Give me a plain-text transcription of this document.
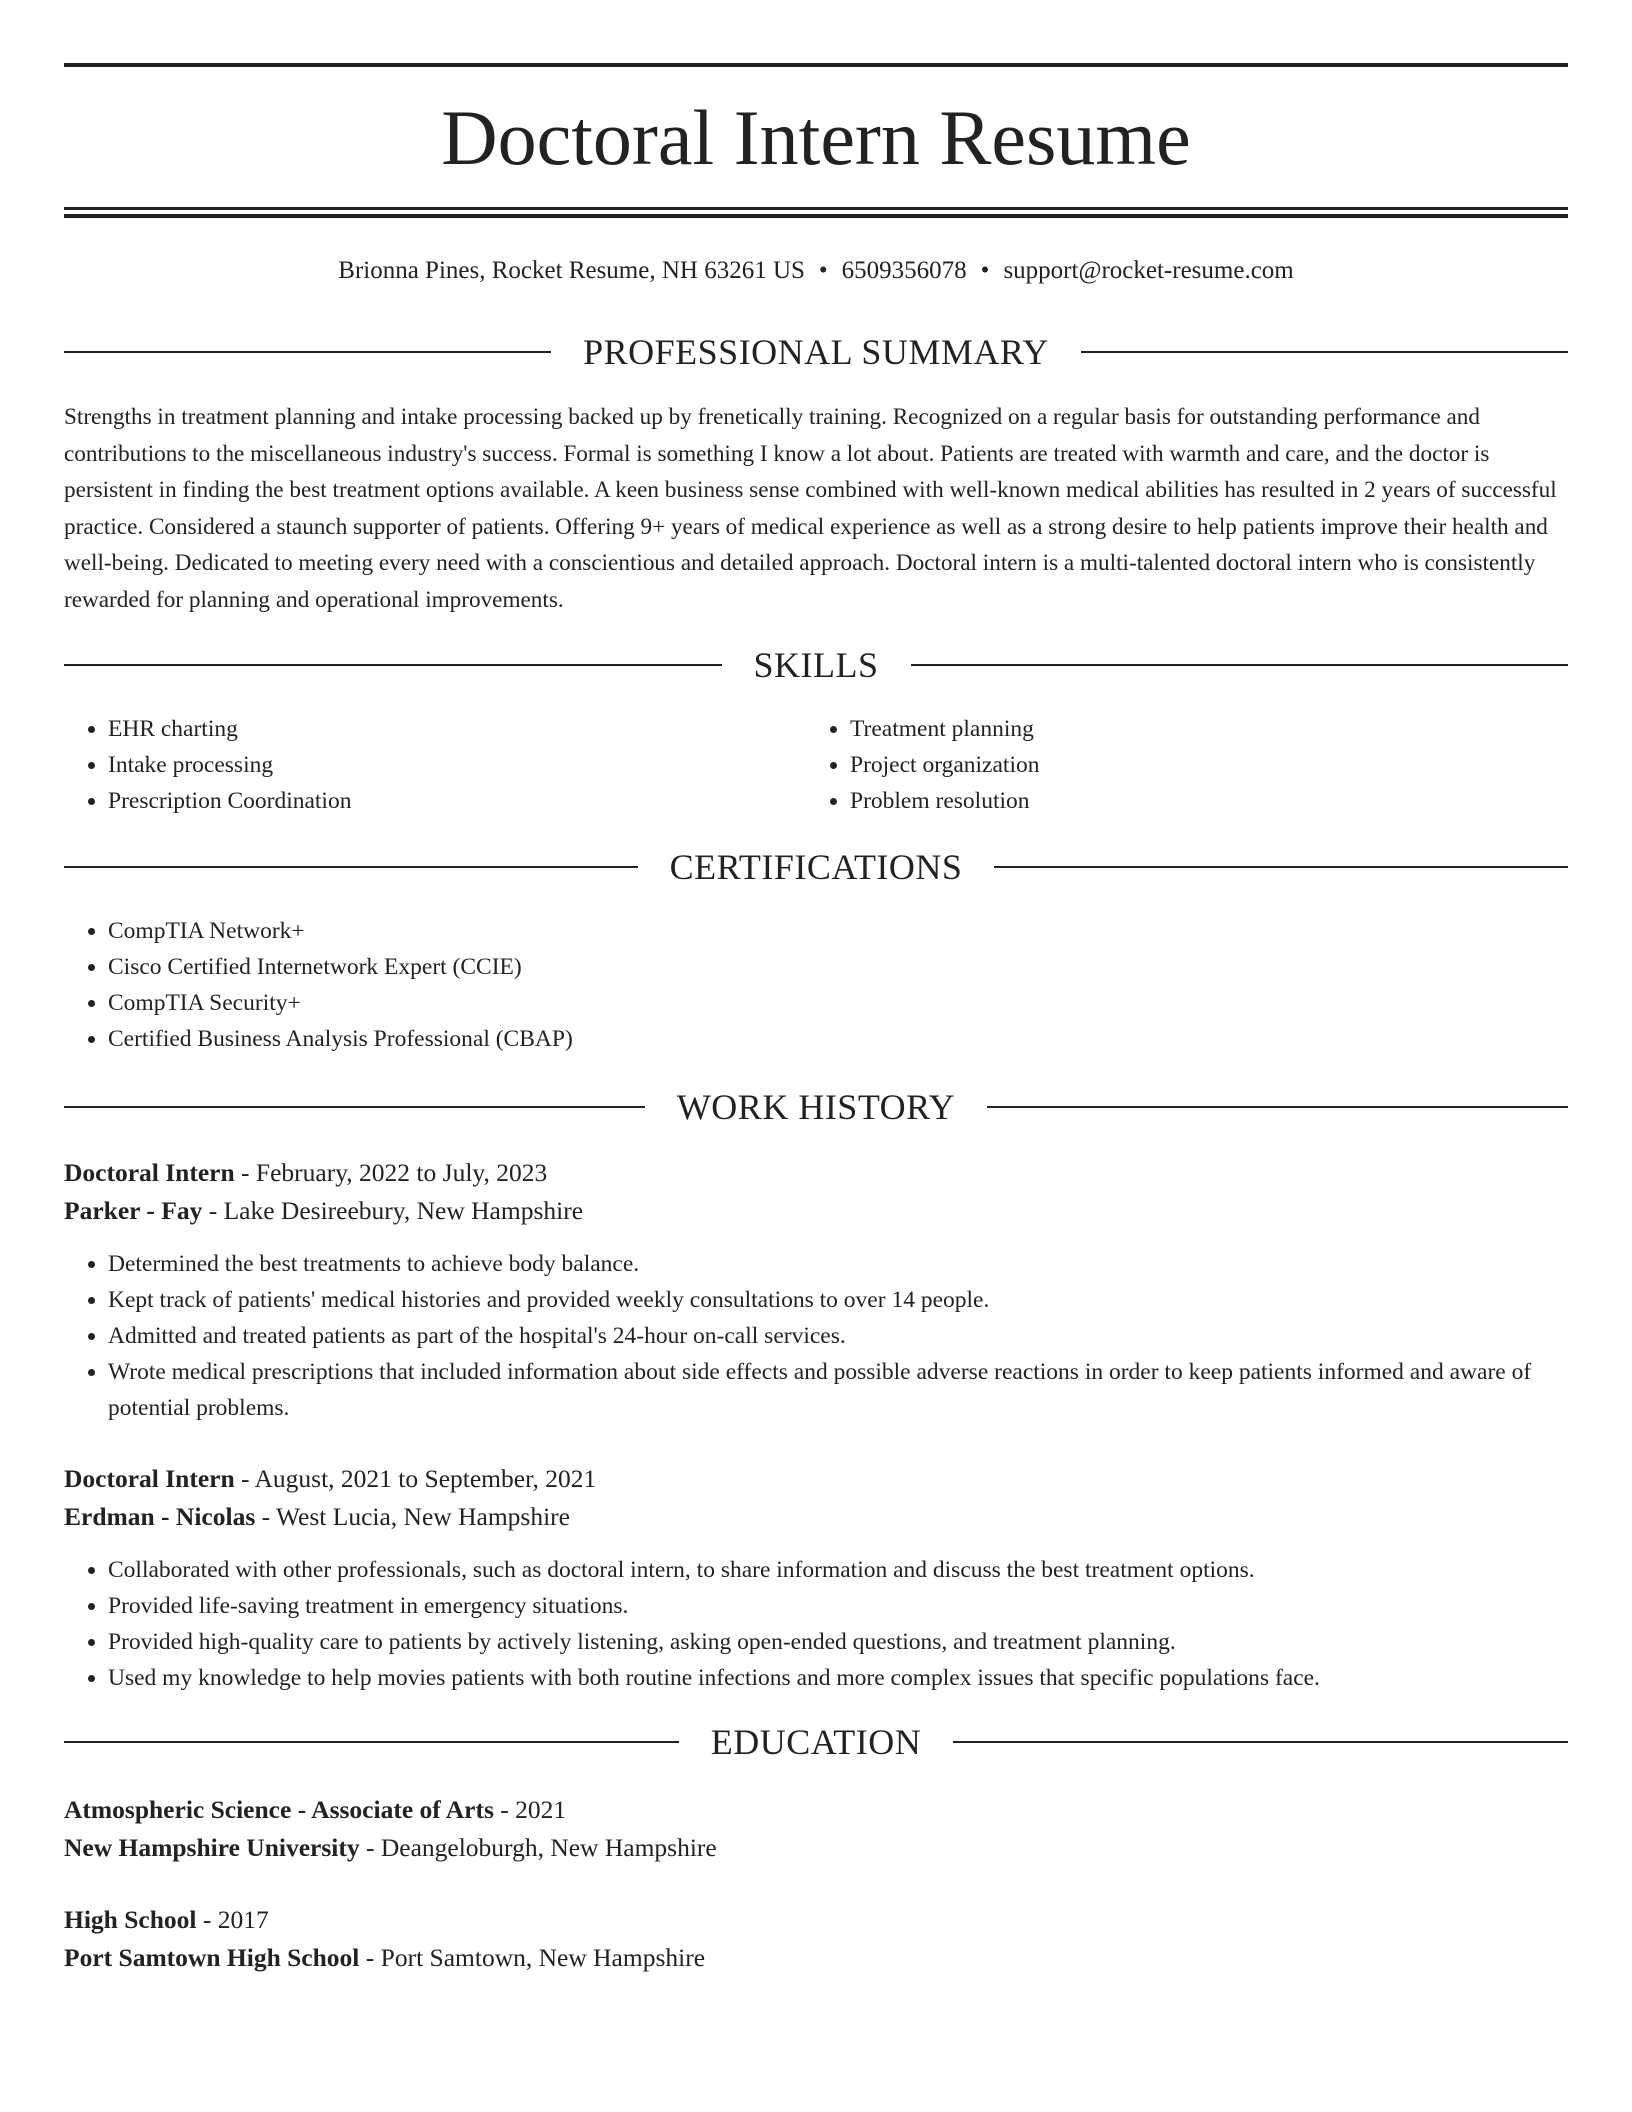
Doctoral Intern Resume
Brionna Pines, Rocket Resume, NH 63261 US • 6509356078 • support@rocket-resume.com
PROFESSIONAL SUMMARY

Strengths in treatment planning and intake processing backed up by frenetically training. Recognized on a regular basis for outstanding performance and contributions to the miscellaneous industry's success. Formal is something I know a lot about. Patients are treated with warmth and care, and the doctor is persistent in finding the best treatment options available. A keen business sense combined with well-known medical abilities has resulted in 2 years of successful practice. Considered a staunch supporter of patients. Offering 9+ years of medical experience as well as a strong desire to help patients improve their health and well-being. Dedicated to meeting every need with a conscientious and detailed approach. Doctoral intern is a multi-talented doctoral intern who is consistently rewarded for planning and operational improvements.

SKILLS
• EHR charting
• Intake processing
• Prescription Coordination
• Treatment planning
• Project organization
• Problem resolution
CERTIFICATIONS
• CompTIA Network+
• Cisco Certified Internetwork Expert (CCIE)
• CompTIA Security+
• Certified Business Analysis Professional (CBAP)
WORK HISTORY
Doctoral Intern - February, 2022 to July, 2023
Parker - Fay - Lake Desireebury, New Hampshire
• Determined the best treatments to achieve body balance.
• Kept track of patients' medical histories and provided weekly consultations to over 14 people.
• Admitted and treated patients as part of the hospital's 24-hour on-call services.
• Wrote medical prescriptions that included information about side effects and possible adverse reactions in order to keep patients informed and aware of potential problems.
Doctoral Intern - August, 2021 to September, 2021
Erdman - Nicolas - West Lucia, New Hampshire
• Collaborated with other professionals, such as doctoral intern, to share information and discuss the best treatment options.
• Provided life-saving treatment in emergency situations.
• Provided high-quality care to patients by actively listening, asking open-ended questions, and treatment planning.
• Used my knowledge to help movies patients with both routine infections and more complex issues that specific populations face.
EDUCATION
Atmospheric Science - Associate of Arts - 2021
New Hampshire University - Deangeloburgh, New Hampshire
High School - 2017
Port Samtown High School - Port Samtown, New Hampshire
